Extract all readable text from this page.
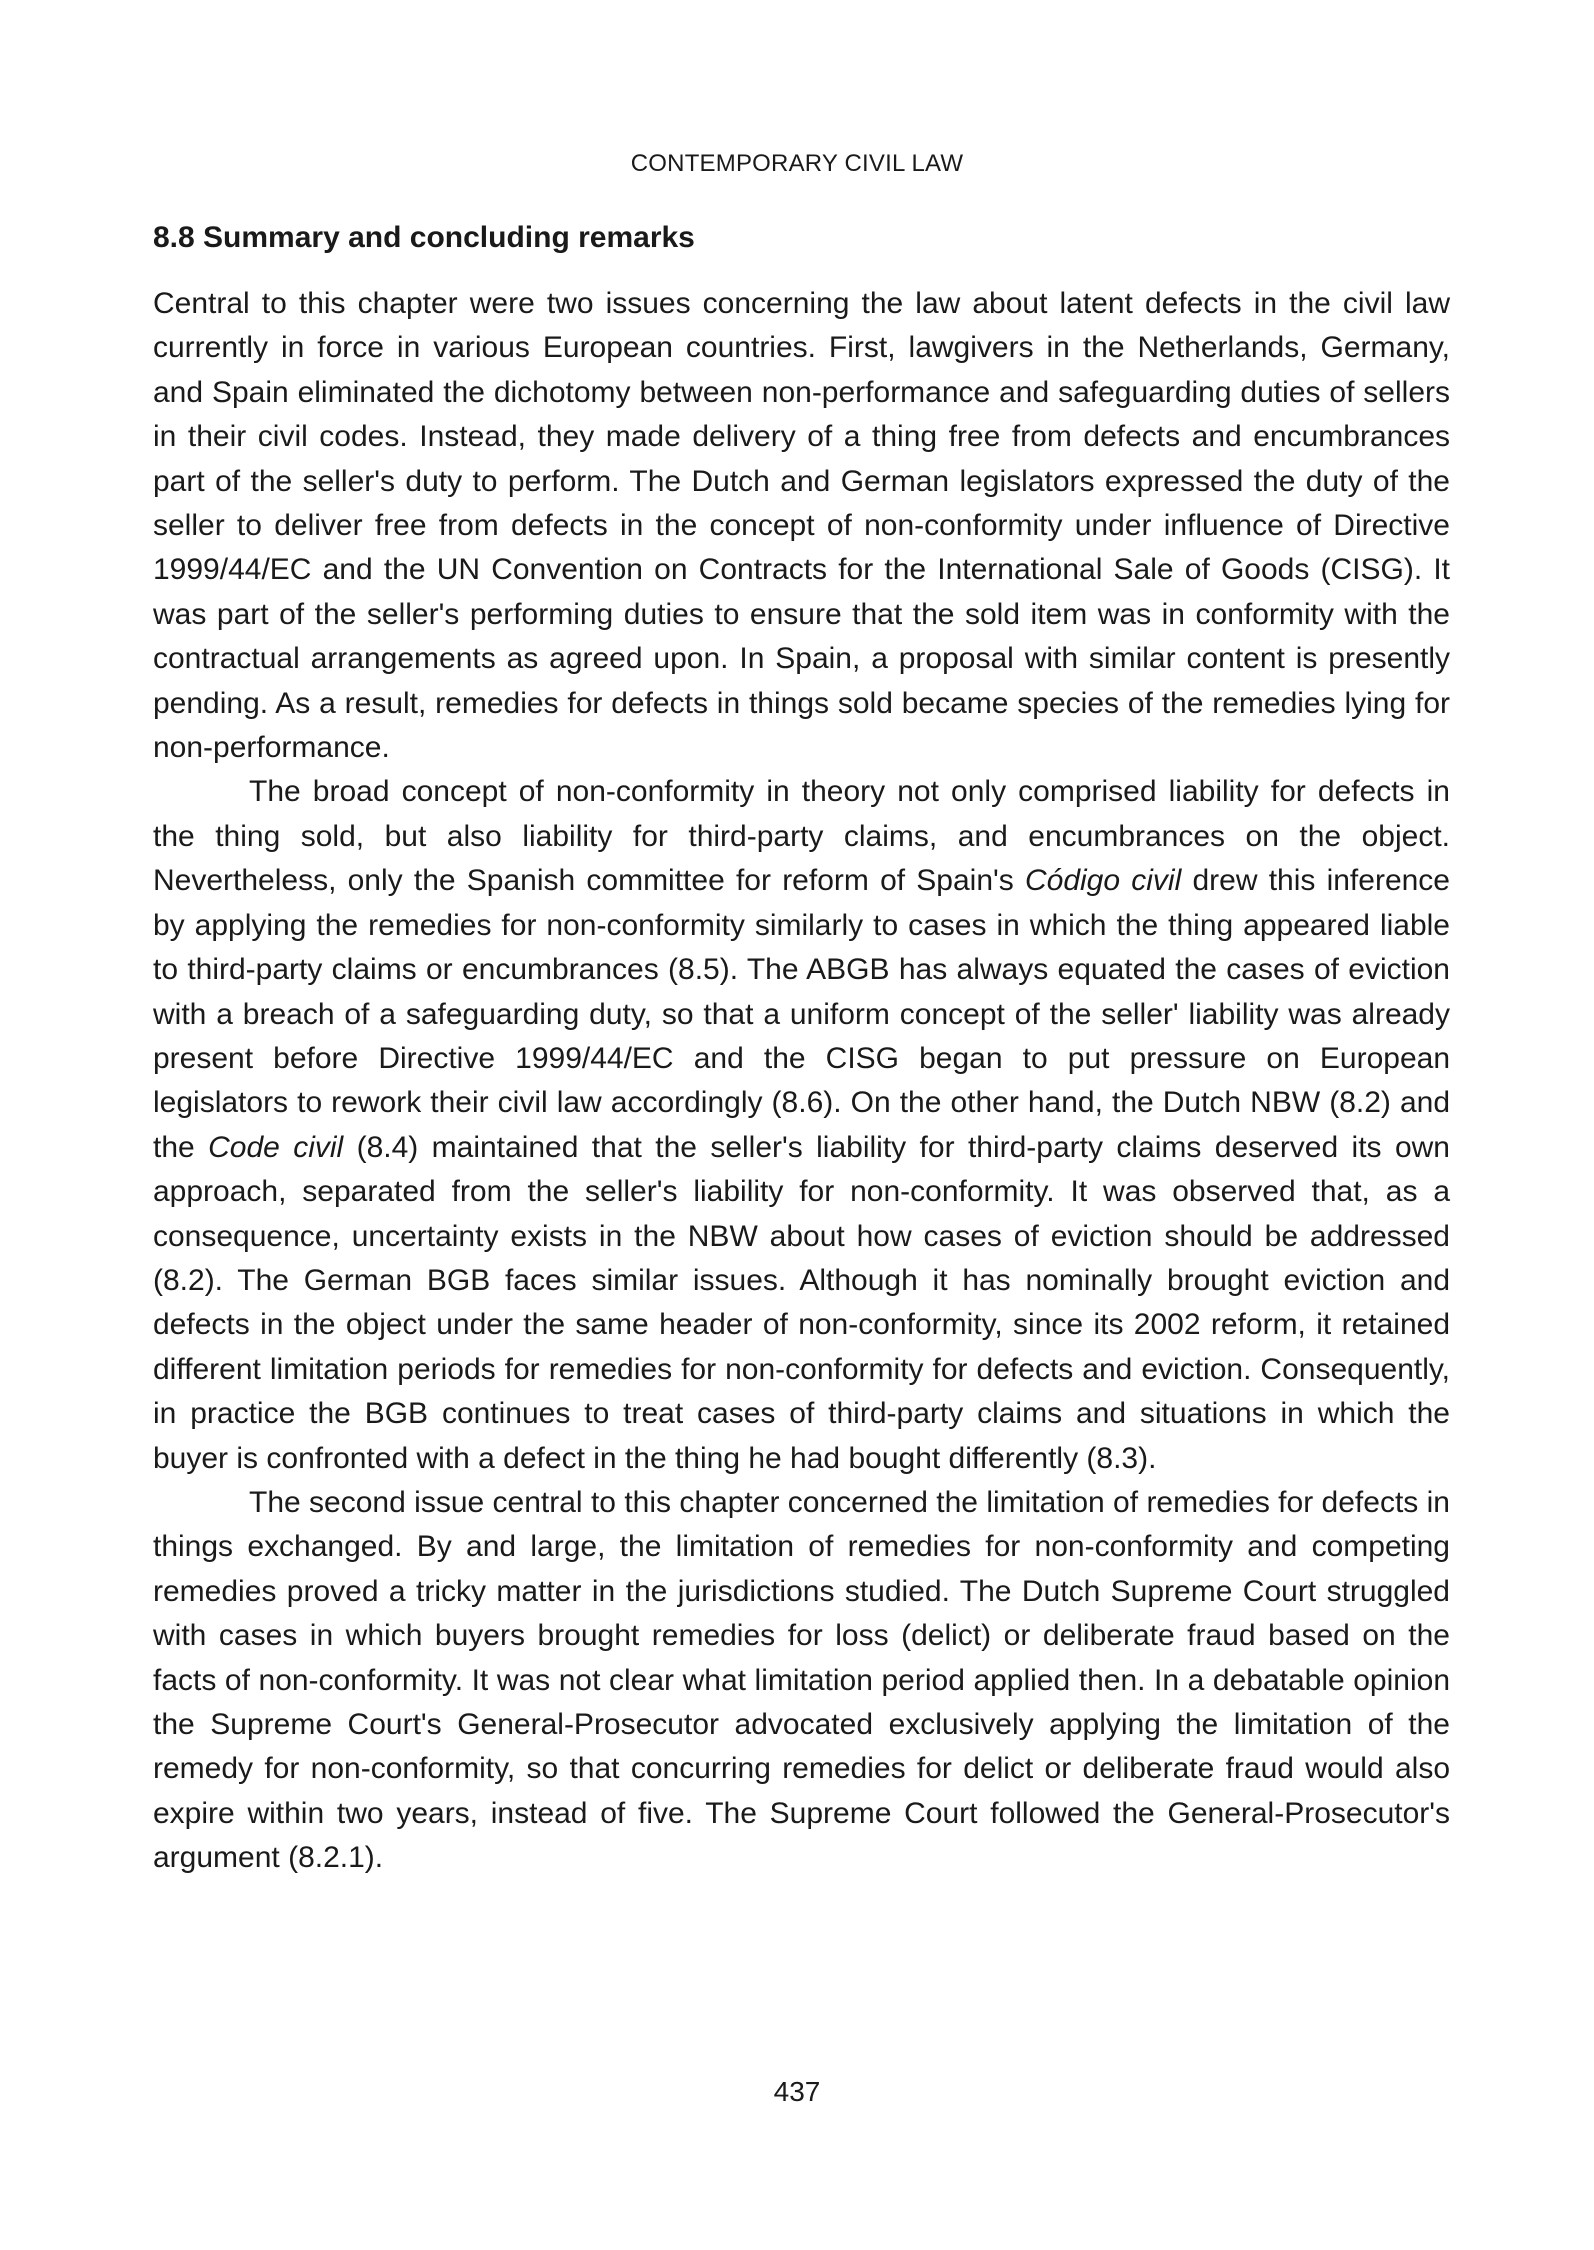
CONTEMPORARY CIVIL LAW
8.8 Summary and concluding remarks

Central to this chapter were two issues concerning the law about latent defects in the civil law currently in force in various European countries. First, lawgivers in the Netherlands, Germany, and Spain eliminated the dichotomy between non-performance and safeguarding duties of sellers in their civil codes. Instead, they made delivery of a thing free from defects and encumbrances part of the seller's duty to perform. The Dutch and German legislators expressed the duty of the seller to deliver free from defects in the concept of non-conformity under influence of Directive 1999/44/EC and the UN Convention on Contracts for the International Sale of Goods (CISG). It was part of the seller's performing duties to ensure that the sold item was in conformity with the contractual arrangements as agreed upon. In Spain, a proposal with similar content is presently pending. As a result, remedies for defects in things sold became species of the remedies lying for non-performance.

The broad concept of non-conformity in theory not only comprised liability for defects in the thing sold, but also liability for third-party claims, and encumbrances on the object. Nevertheless, only the Spanish committee for reform of Spain's Código civil drew this inference by applying the remedies for non-conformity similarly to cases in which the thing appeared liable to third-party claims or encumbrances (8.5). The ABGB has always equated the cases of eviction with a breach of a safeguarding duty, so that a uniform concept of the seller' liability was already present before Directive 1999/44/EC and the CISG began to put pressure on European legislators to rework their civil law accordingly (8.6). On the other hand, the Dutch NBW (8.2) and the Code civil (8.4) maintained that the seller's liability for third-party claims deserved its own approach, separated from the seller's liability for non-conformity. It was observed that, as a consequence, uncertainty exists in the NBW about how cases of eviction should be addressed (8.2). The German BGB faces similar issues. Although it has nominally brought eviction and defects in the object under the same header of non-conformity, since its 2002 reform, it retained different limitation periods for remedies for non-conformity for defects and eviction. Consequently, in practice the BGB continues to treat cases of third-party claims and situations in which the buyer is confronted with a defect in the thing he had bought differently (8.3).

The second issue central to this chapter concerned the limitation of remedies for defects in things exchanged. By and large, the limitation of remedies for non-conformity and competing remedies proved a tricky matter in the jurisdictions studied. The Dutch Supreme Court struggled with cases in which buyers brought remedies for loss (delict) or deliberate fraud based on the facts of non-conformity. It was not clear what limitation period applied then. In a debatable opinion the Supreme Court's General-Prosecutor advocated exclusively applying the limitation of the remedy for non-conformity, so that concurring remedies for delict or deliberate fraud would also expire within two years, instead of five. The Supreme Court followed the General-Prosecutor's argument (8.2.1).

437
